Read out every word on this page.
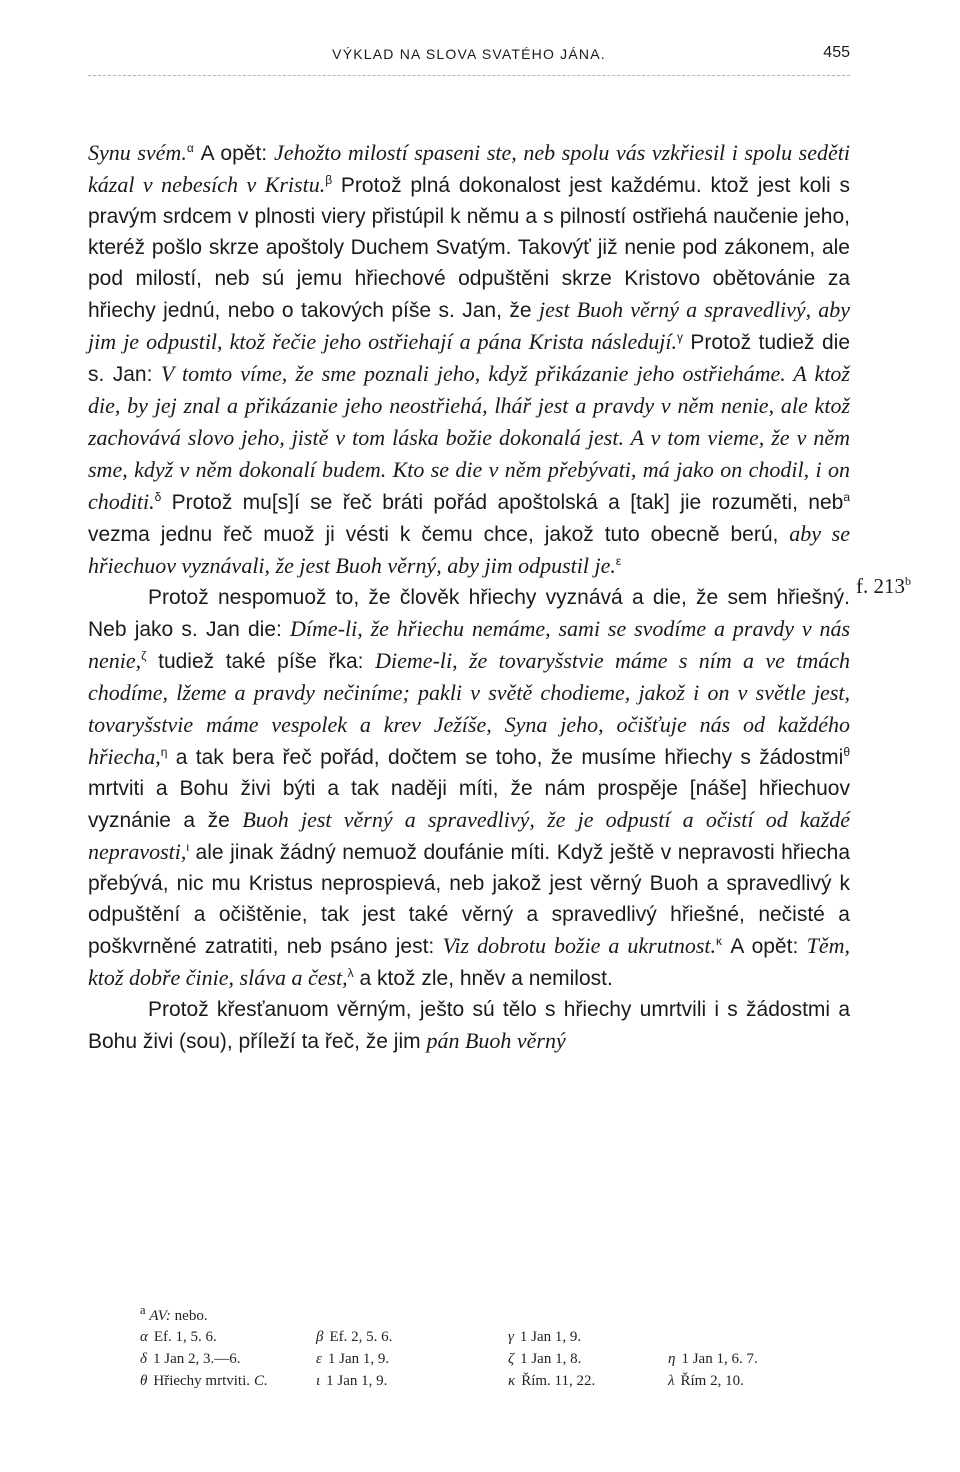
VÝKLAD NA SLOVA SVATÉHO JÁNA.	455

Synu svém.$^\alpha$ A opět: Jehožto milostí spaseni ste, neb spolu vás vzkřiesil i spolu seděti kázal v nebesích v Kristu.$^\beta$ Protož plná dokonalost jest každému. ktož jest koli s pravým srdcem v plnosti viery přistúpil k němu a s pilností ostřiehá naučenie jeho, kteréž pošlo skrze apoštoly Duchem Svatým. Takovýť již nenie pod zákonem, ale pod milostí, neb sú jemu hřiechové odpuštěni skrze Kristovo obětovánie za hřiechy jednú, nebo o takových píše s. Jan, že jest Buoh věrný a spravedlivý, aby jim je odpustil, ktož řečie jeho ostřiehají a pána Krista následují.$^\gamma$ Protož tudiež die s. Jan: V tomto víme, že sme poznali jeho, když přikázanie jeho ostřieháme. A ktož die, by jej znal a přikázanie jeho neostřiehá, lhář jest a pravdy v něm nenie, ale ktož zachovává slovo jeho, jistě v tom láska božie dokonalá jest. A v tom vieme, že v něm sme, když v něm dokonalí budem. Kto se die v něm přebývati, má jako on chodil, i on choditi.$^\delta$ Protož mu[s]í se řeč bráti pořád apoštolská a [tak] jie rozuměti, neb$^a$ vezma jednu řeč muož ji vésti k čemu chce, jakož tuto obecně berú, aby se hřiechuov vyznávali, že jest Buoh věrný, aby jim odpustil je.$^\varepsilon$

Protož nespomuož to, že člověk hřiechy vyznává a die, že sem hřiešný. Neb jako s. Jan die: Díme-li, že hřiechu nemáme, sami se svodíme a pravdy v nás nenie,$^\zeta$ tudiež také píše řka: Dieme-li, že tovaryšstvie máme s ním a ve tmách chodíme, lžeme a pravdy nečiníme; pakli v světě chodieme, jakož i on v světle jest, tovaryšstvie máme vespolek a krev Ježíše, Syna jeho, očišťuje nás od každého hřiecha,$^\eta$ a tak bera řeč pořád, dočtem se toho, že musíme hřiechy s žádostmi$^\theta$ mrtviti a Bohu živi býti a tak naději míti, že nám prospěje [náše] hřiechuov vyznánie a že Buoh jest věrný a spravedlivý, že je odpustí a očistí od každé nepravosti,$^\iota$ ale jinak žádný nemuož doufánie míti. Když ještě v nepravosti hřiecha přebývá, nic mu Kristus neprospievá, neb jakož jest věrný Buoh a spravedlivý k odpuštění a očištěnie, tak jest také věrný a spravedlivý hřiešné, nečisté a poškvrněné zatratiti, neb psáno jest: Viz dobrotu božie a ukrutnost.$^\kappa$ A opět: Těm, ktož dobře činie, sláva a čest,$^\lambda$ a ktož zle, hněv a nemilost.

Protož křesťanuom věrným, ješto sú tělo s hřiechy umrtvili i s žádostmi a Bohu živi (sou), příleží ta řeč, že jim pán Buoh věrný

f. 213$^b$
$^a$ AV: nebo.
α Ef. 1, 5. 6.	β Ef. 2, 5. 6.	γ 1 Jan 1, 9.
δ 1 Jan 2, 3.—6.	ε 1 Jan 1, 9.	ζ 1 Jan 1, 8.	η 1 Jan 1, 6. 7.
θ Hřiechy mrtviti. C.	ι 1 Jan 1, 9.	κ Řím. 11, 22.	λ Řím 2, 10.
